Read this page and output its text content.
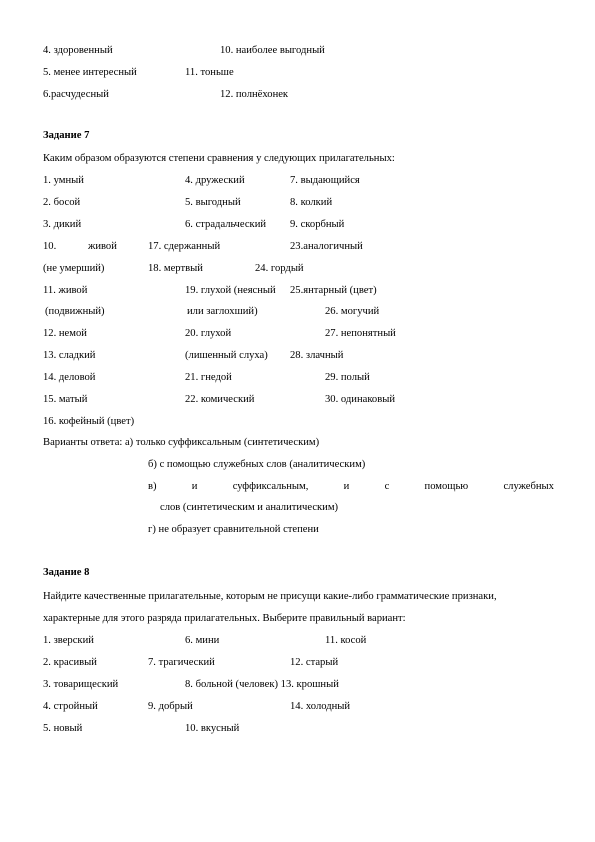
4. здоровенный	10. наиболее выгодный
5. менее интересный	11. тоньше
6.расчудесный	12. полнёхонек
Задание 7
Каким образом образуются степени сравнения у следующих прилагательных:
1. умный	4. дружеский	7. выдающийся
2. босой	5. выгодный	8. колкий
3. дикий	6. страдальческий 9. скорбный
10.	живой	17. сдержанный	23.аналогичный
(не умерший)	18. мертвый	24. гордый
11. живой	19. глухой (неясный 25.янтарный (цвет)
(подвижный)	или заглохший)	26. могучий
12. немой	20. глухой	27. непонятный
13. сладкий	(лишенный слуха) 28. злачный
14. деловой	21. гнедой	29. полый
15. матый	22. комический	30. одинаковый
16. кофейный (цвет)
Варианты ответа: а) только суффиксальным (синтетическим)
б) с помощью служебных слов (аналитическим)
в)	и	суффиксальным,	и	с	помощью	служебных
слов (синтетическим и аналитическим)
г) не образует сравнительной степени
Задание 8
Найдите качественные прилагательные, которым не присущи какие-либо грамматические признаки,
характерные для этого разряда прилагательных. Выберите правильный вариант:
1. зверский	6. мини	11. косой
2. красивый	7. трагический	12. старый
3. товарищеский	8. больной (человек) 13. крошный
4. стройный	9. добрый	14. холодный
5. новый	10. вкусный
